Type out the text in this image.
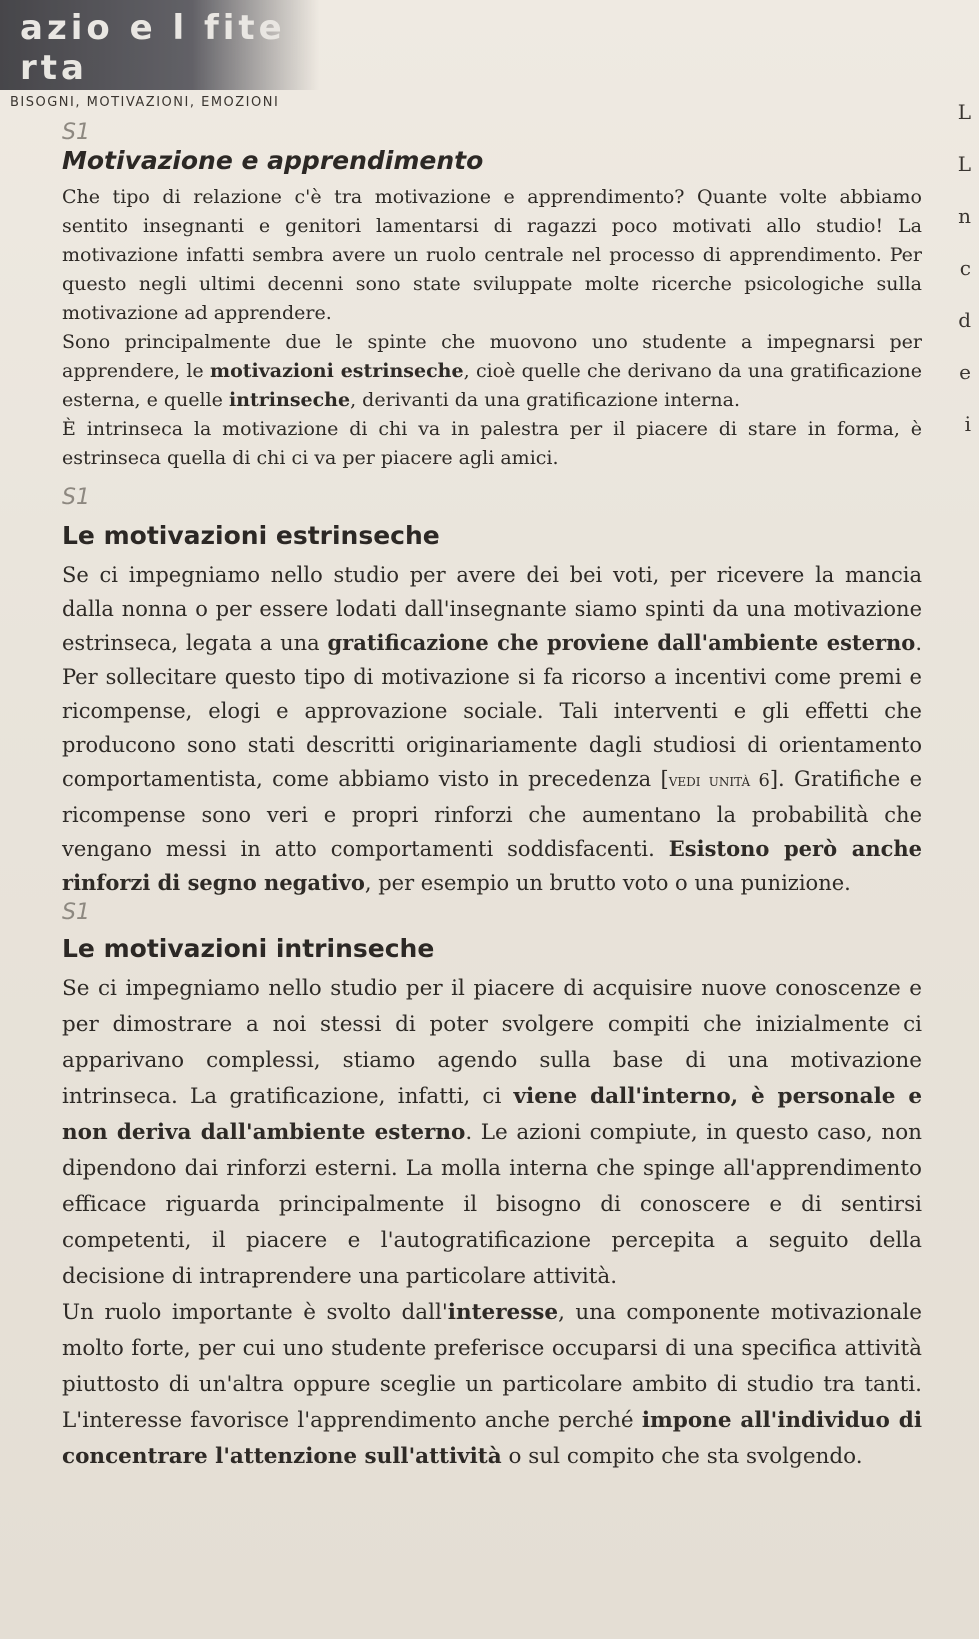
azio e l fite rta
L
L
n
c
d
e
i
BISOGNI, MOTIVAZIONI, EMOZIONI
S1
Motivazione e apprendimento

Che tipo di relazione c'è tra motivazione e apprendimento? Quante volte abbiamo sentito insegnanti e genitori lamentarsi di ragazzi poco motivati allo studio! La motivazione infatti sembra avere un ruolo centrale nel processo di apprendimento. Per questo negli ultimi decenni sono state sviluppate molte ricerche psicologiche sulla motivazione ad apprendere.

Sono principalmente due le spinte che muovono uno studente a impegnarsi per apprendere, le motivazioni estrinseche, cioè quelle che derivano da una gratificazione esterna, e quelle intrinseche, derivanti da una gratificazione interna.

È intrinseca la motivazione di chi va in palestra per il piacere di stare in forma, è estrinseca quella di chi ci va per piacere agli amici.

S1
Le motivazioni estrinseche

Se ci impegniamo nello studio per avere dei bei voti, per ricevere la mancia dalla nonna o per essere lodati dall'insegnante siamo spinti da una motivazione estrinseca, legata a una gratificazione che proviene dall'ambiente esterno. Per sollecitare questo tipo di motivazione si fa ricorso a incentivi come premi e ricompense, elogi e approvazione sociale. Tali interventi e gli effetti che producono sono stati descritti originariamente dagli studiosi di orientamento comportamentista, come abbiamo visto in precedenza [vedi unità 6]. Gratifiche e ricompense sono veri e propri rinforzi che aumentano la probabilità che vengano messi in atto comportamenti soddisfacenti. Esistono però anche rinforzi di segno negativo, per esempio un brutto voto o una punizione.

S1
Le motivazioni intrinseche

Se ci impegniamo nello studio per il piacere di acquisire nuove conoscenze e per dimostrare a noi stessi di poter svolgere compiti che inizialmente ci apparivano complessi, stiamo agendo sulla base di una motivazione intrinseca. La gratificazione, infatti, ci viene dall'interno, è personale e non deriva dall'ambiente esterno. Le azioni compiute, in questo caso, non dipendono dai rinforzi esterni. La molla interna che spinge all'apprendimento efficace riguarda principalmente il bisogno di conoscere e di sentirsi competenti, il piacere e l'autogratificazione percepita a seguito della decisione di intraprendere una particolare attività.

Un ruolo importante è svolto dall'interesse, una componente motivazionale molto forte, per cui uno studente preferisce occuparsi di una specifica attività piuttosto di un'altra oppure sceglie un particolare ambito di studio tra tanti. L'interesse favorisce l'apprendimento anche perché impone all'individuo di concentrare l'attenzione sull'attività o sul compito che sta svolgendo.
